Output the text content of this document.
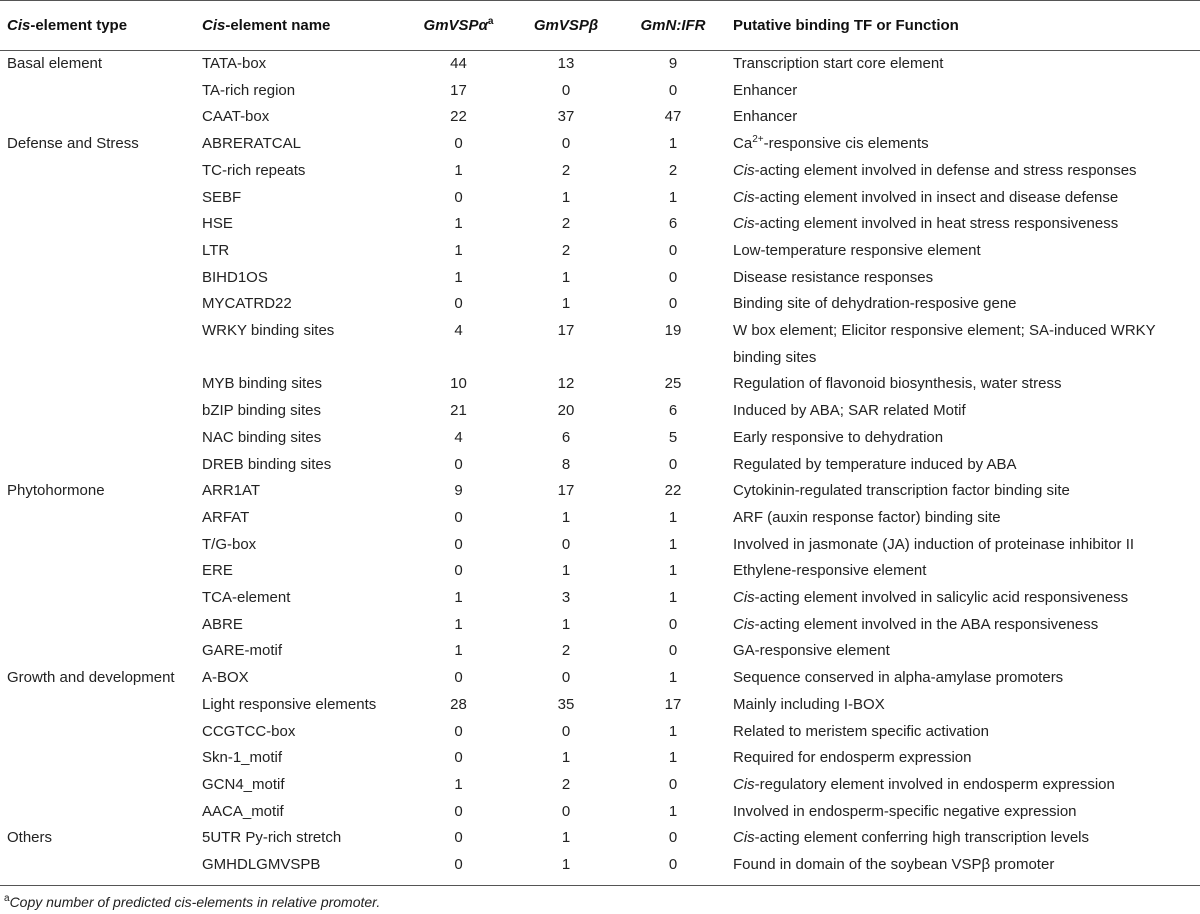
Cis-element type	Cis-element name	GmVSPα$^a$	GmVSPβ	GmN:IFR	Putative binding TF or Function
Basal element	TATA-box	44	13	9	Transcription start core element
	TA-rich region	17	0	0	Enhancer
	CAAT-box	22	37	47	Enhancer
Defense and Stress	ABRERATCAL	0	0	1	$Ca^{2+}$-responsive cis elements
	TC-rich repeats	1	2	2	Cis-acting element involved in defense and stress responses
	SEBF	0	1	1	Cis-acting element involved in insect and disease defense
	HSE	1	2	6	Cis-acting element involved in heat stress responsiveness
	LTR	1	2	0	Low-temperature responsive element
	BIHD1OS	1	1	0	Disease resistance responses
	MYCATRD22	0	1	0	Binding site of dehydration-resposive gene
	WRKY binding sites	4	17	19	W box element; Elicitor responsive element; SA-induced WRKY binding sites
	MYB binding sites	10	12	25	Regulation of flavonoid biosynthesis, water stress
	bZIP binding sites	21	20	6	Induced by ABA; SAR related Motif
	NAC binding sites	4	6	5	Early responsive to dehydration
	DREB binding sites	0	8	0	Regulated by temperature induced by ABA
Phytohormone	ARR1AT	9	17	22	Cytokinin-regulated transcription factor binding site
	ARFAT	0	1	1	ARF (auxin response factor) binding site
	T/G-box	0	0	1	Involved in jasmonate (JA) induction of proteinase inhibitor II
	ERE	0	1	1	Ethylene-responsive element
	TCA-element	1	3	1	Cis-acting element involved in salicylic acid responsiveness
	ABRE	1	1	0	Cis-acting element involved in the ABA responsiveness
	GARE-motif	1	2	0	GA-responsive element
Growth and development	A-BOX	0	0	1	Sequence conserved in alpha-amylase promoters
	Light responsive elements	28	35	17	Mainly including I-BOX
	CCGTCC-box	0	0	1	Related to meristem specific activation
	Skn-1_motif	0	1	1	Required for endosperm expression
	GCN4_motif	1	2	0	Cis-regulatory element involved in endosperm expression
	AACA_motif	0	0	1	Involved in endosperm-specific negative expression
Others	5UTR Py-rich stretch	0	1	0	Cis-acting element conferring high transcription levels
	GMHDLGMVSPB	0	1	0	Found in domain of the soybean VSPβ promoter
$^a$Copy number of predicted cis-elements in relative promoter.
